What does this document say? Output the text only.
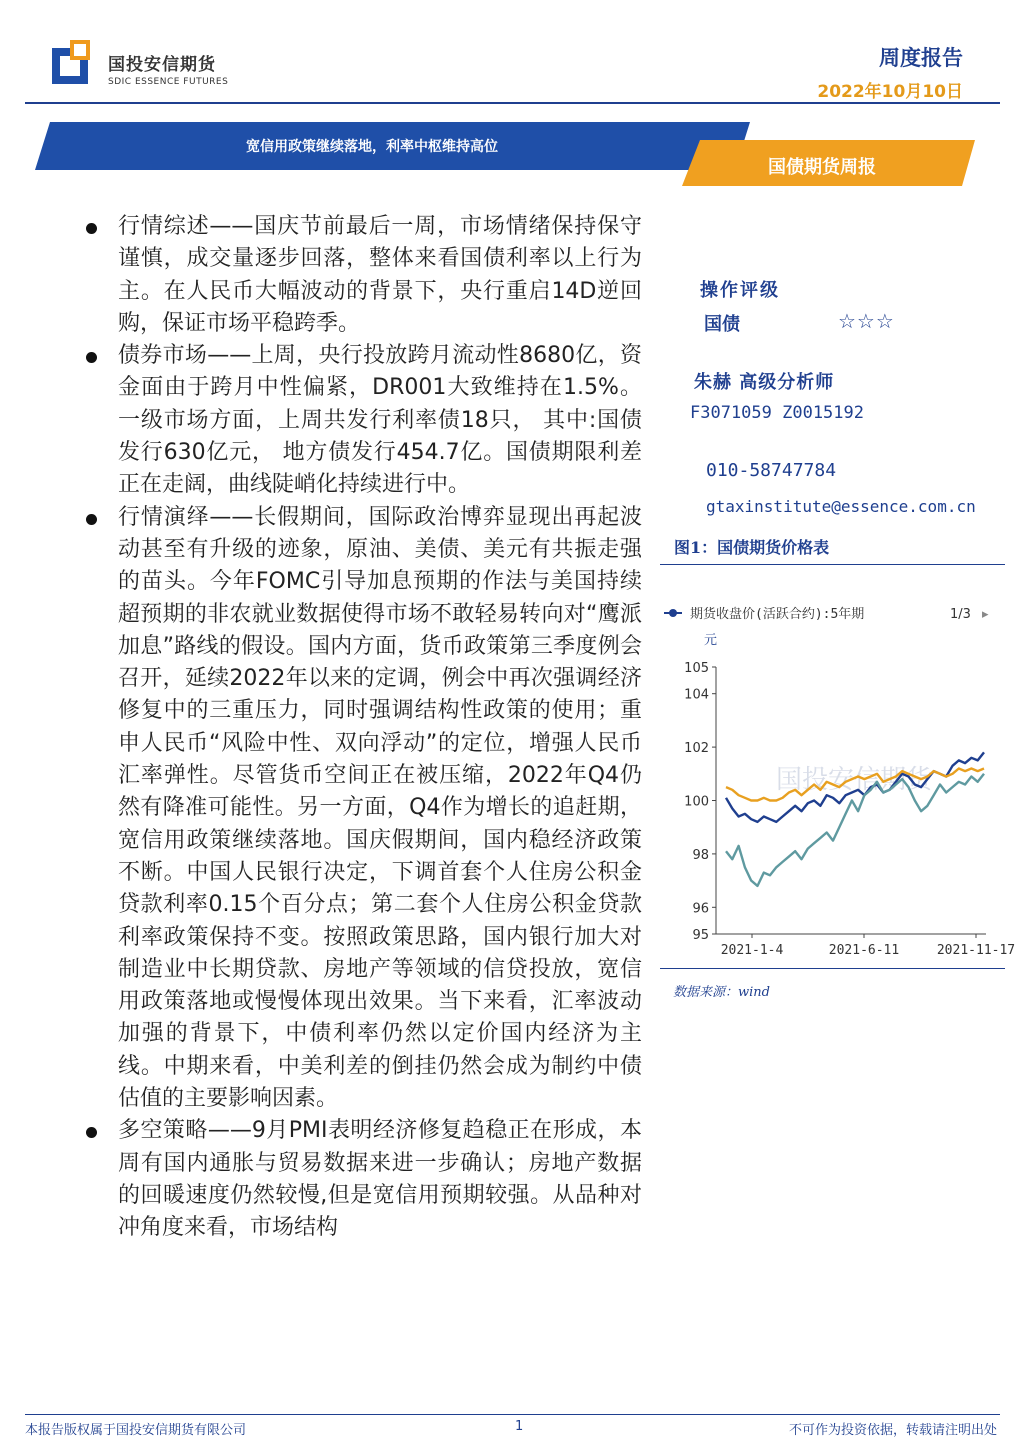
国投安信期货
SDIC ESSENCE FUTURES
周度报告
2022年10月10日
宽信用政策继续落地，利率中枢维持高位
国债期货周报
行情综述——国庆节前最后一周，市场情绪保持保守谨慎，成交量逐步回落，整体来看国债利率以上行为主。在人民币大幅波动的背景下，央行重启14D逆回购，保证市场平稳跨季。
债券市场——上周，央行投放跨月流动性8680亿，资金面由于跨月中性偏紧，DR001大致维持在1.5%。一级市场方面，上周共发行利率债18只， 其中:国债发行630亿元， 地方债发行454.7亿。国债期限利差正在走阔，曲线陡峭化持续进行中。
行情演绎——长假期间，国际政治博弈显现出再起波动甚至有升级的迹象，原油、美债、美元有共振走强的苗头。今年FOMC引导加息预期的作法与美国持续超预期的非农就业数据使得市场不敢轻易转向对“鹰派加息”路线的假设。国内方面，货币政策第三季度例会召开，延续2022年以来的定调，例会中再次强调经济修复中的三重压力，同时强调结构性政策的使用；重申人民币“风险中性、双向浮动”的定位，增强人民币汇率弹性。尽管货币空间正在被压缩，2022年Q4仍然有降准可能性。另一方面，Q4作为增长的追赶期，宽信用政策继续落地。国庆假期间，国内稳经济政策不断。中国人民银行决定，下调首套个人住房公积金贷款利率0.15个百分点；第二套个人住房公积金贷款利率政策保持不变。按照政策思路，国内银行加大对制造业中长期贷款、房地产等领域的信贷投放，宽信用政策落地或慢慢体现出效果。当下来看，汇率波动加强的背景下，中债利率仍然以定价国内经济为主线。中期来看，中美利差的倒挂仍然会成为制约中债估值的主要影响因素。
多空策略——9月PMI表明经济修复趋稳正在形成，本周有国内通胀与贸易数据来进一步确认；房地产数据的回暖速度仍然较慢,但是宽信用预期较强。从品种对冲角度来看，市场结构
操作评级
国债	☆☆☆
朱赫 高级分析师
F3071059 Z0015192
010-58747784
gtaxinstitute@essence.com.cn
图1：国债期货价格表
期货收盘价(活跃合约):5年期	1/3 ▸
元
国投安信期货
95
96
98
100
102
104
105
2021-1-4	2021-6-11	2021-11-17
数据来源：wind
本报告版权属于国投安信期货有限公司	1	不可作为投资依据，转载请注明出处
